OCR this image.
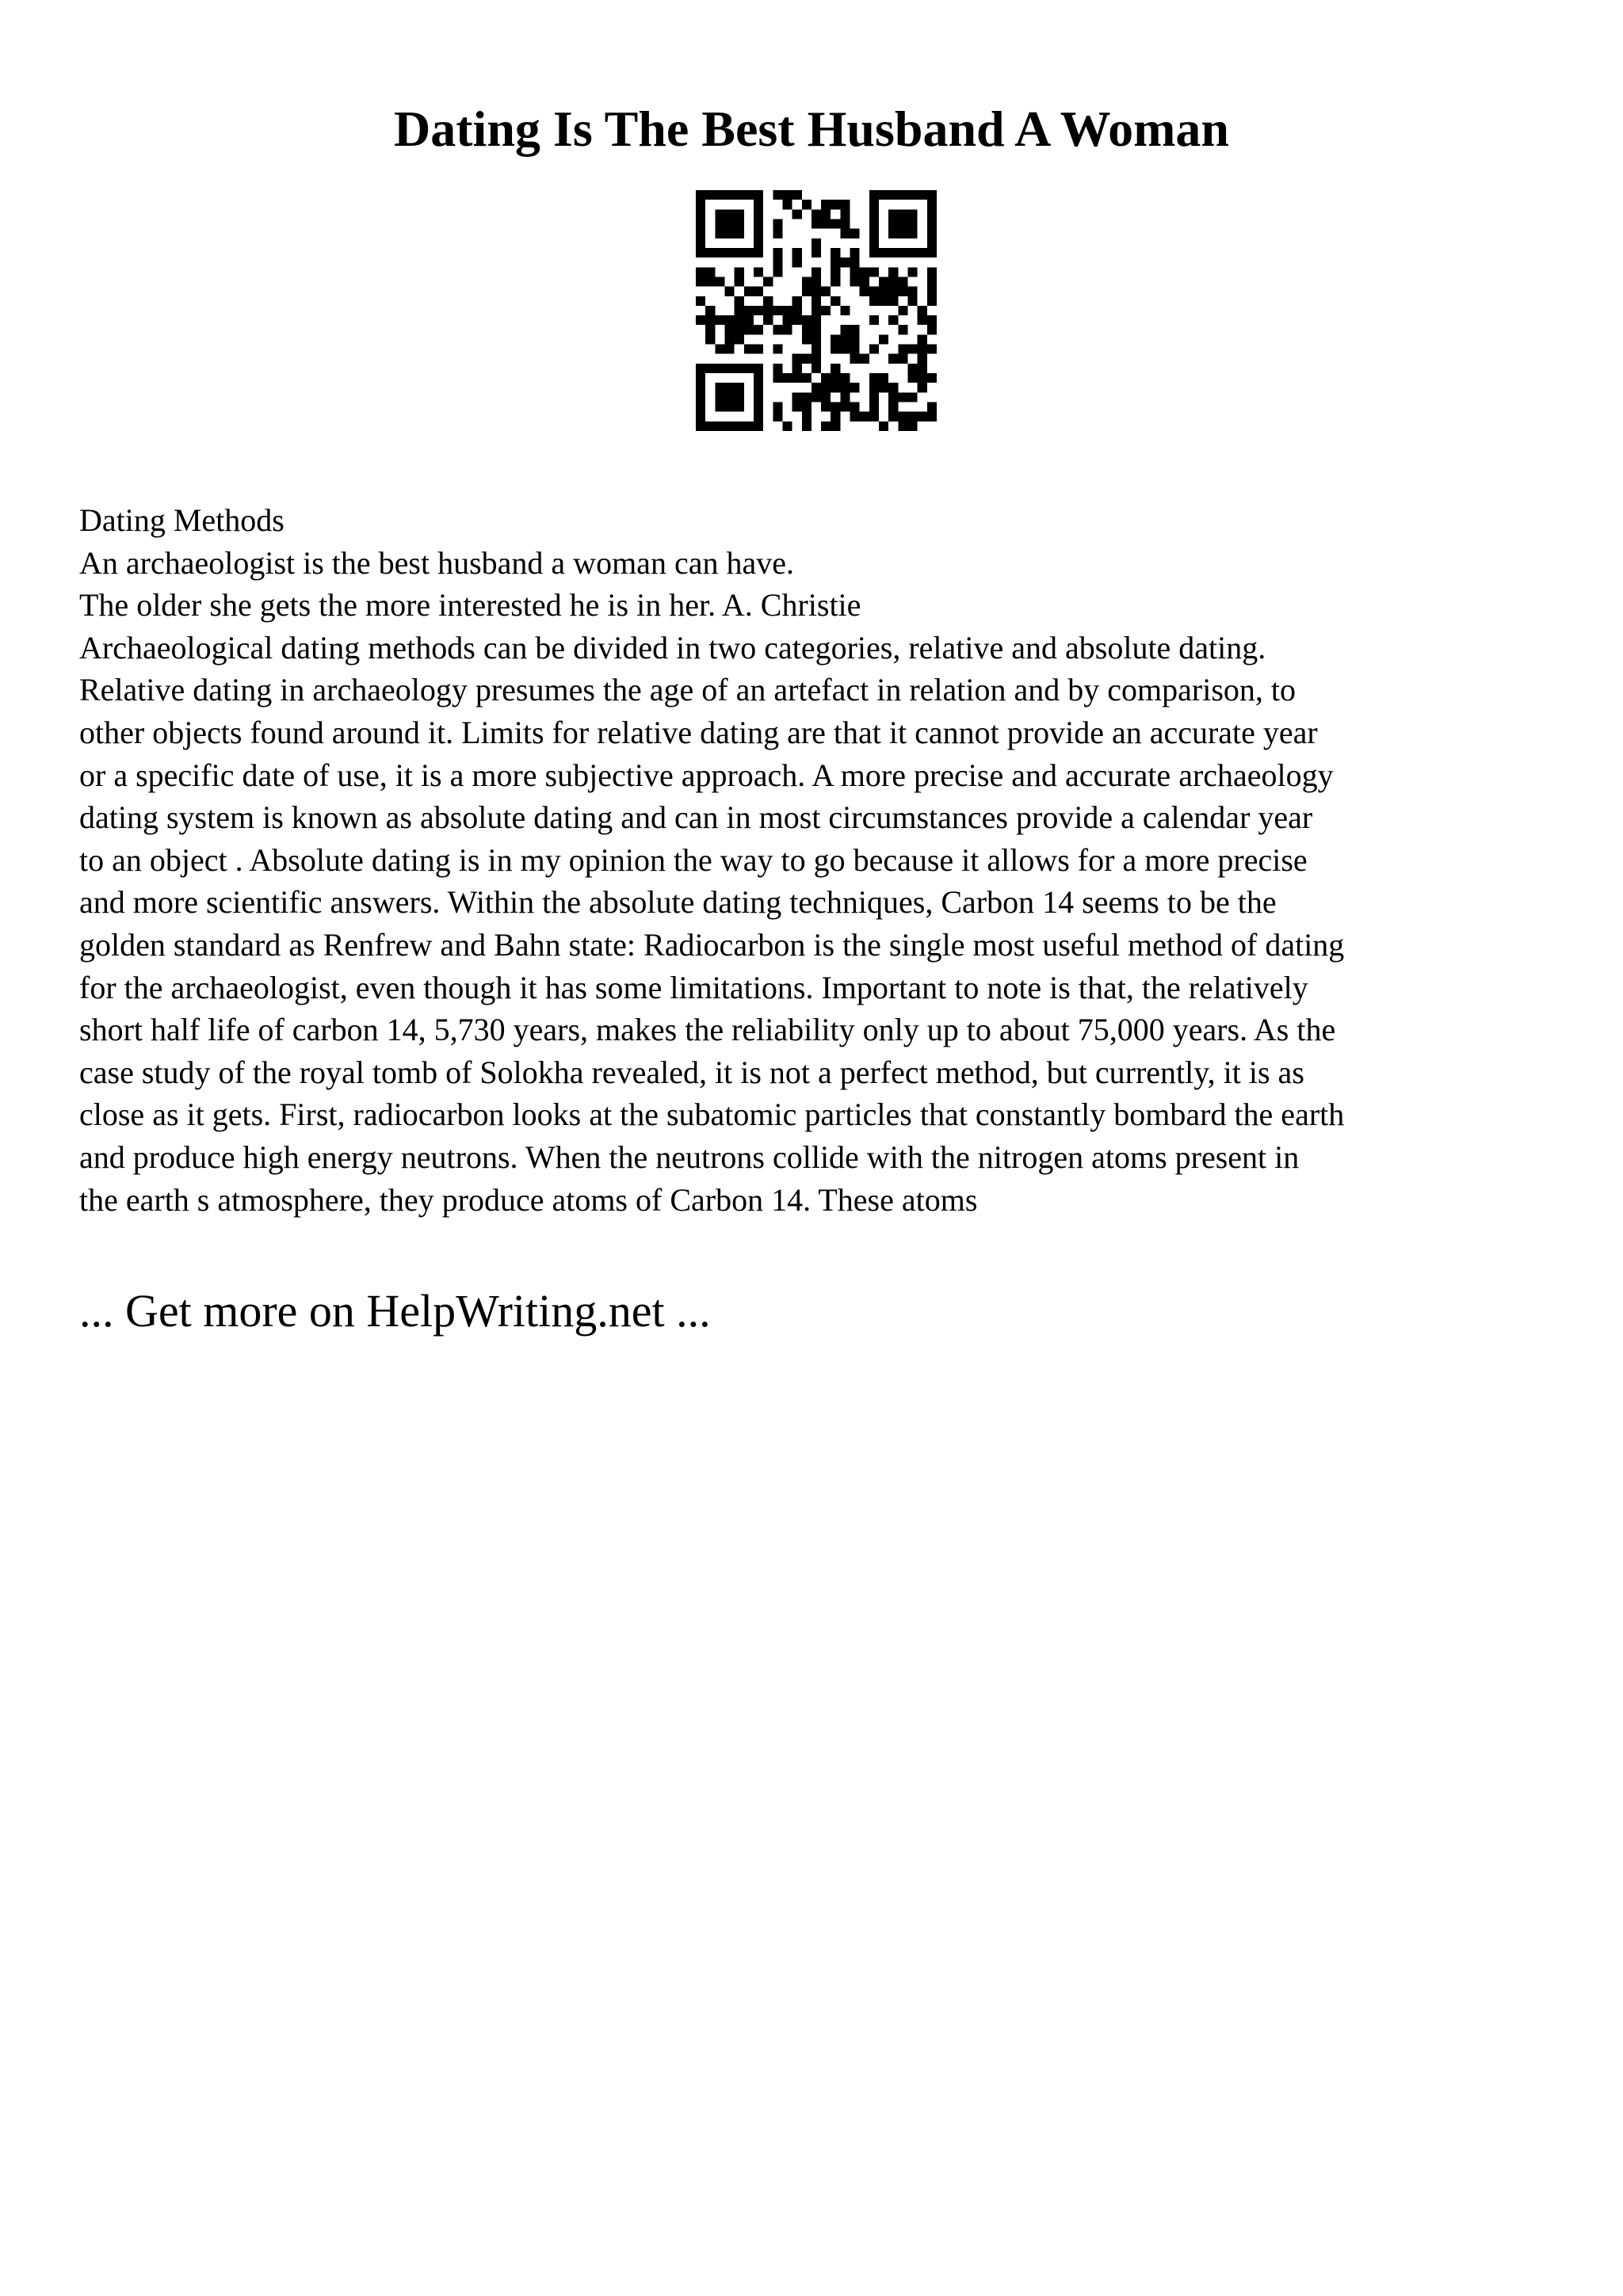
Dating Is The Best Husband A Woman
Dating Methods
An archaeologist is the best husband a woman can have.
The older she gets the more interested he is in her. A. Christie
Archaeological dating methods can be divided in two categories, relative and absolute dating.
Relative dating in archaeology presumes the age of an artefact in relation and by comparison, to
other objects found around it. Limits for relative dating are that it cannot provide an accurate year
or a specific date of use, it is a more subjective approach. A more precise and accurate archaeology
dating system is known as absolute dating and can in most circumstances provide a calendar year
to an object . Absolute dating is in my opinion the way to go because it allows for a more precise
and more scientific answers. Within the absolute dating techniques, Carbon 14 seems to be the
golden standard as Renfrew and Bahn state: Radiocarbon is the single most useful method of dating
for the archaeologist, even though it has some limitations. Important to note is that, the relatively
short half life of carbon 14, 5,730 years, makes the reliability only up to about 75,000 years. As the
case study of the royal tomb of Solokha revealed, it is not a perfect method, but currently, it is as
close as it gets. First, radiocarbon looks at the subatomic particles that constantly bombard the earth
and produce high energy neutrons. When the neutrons collide with the nitrogen atoms present in
the earth s atmosphere, they produce atoms of Carbon 14. These atoms
... Get more on HelpWriting.net ...
